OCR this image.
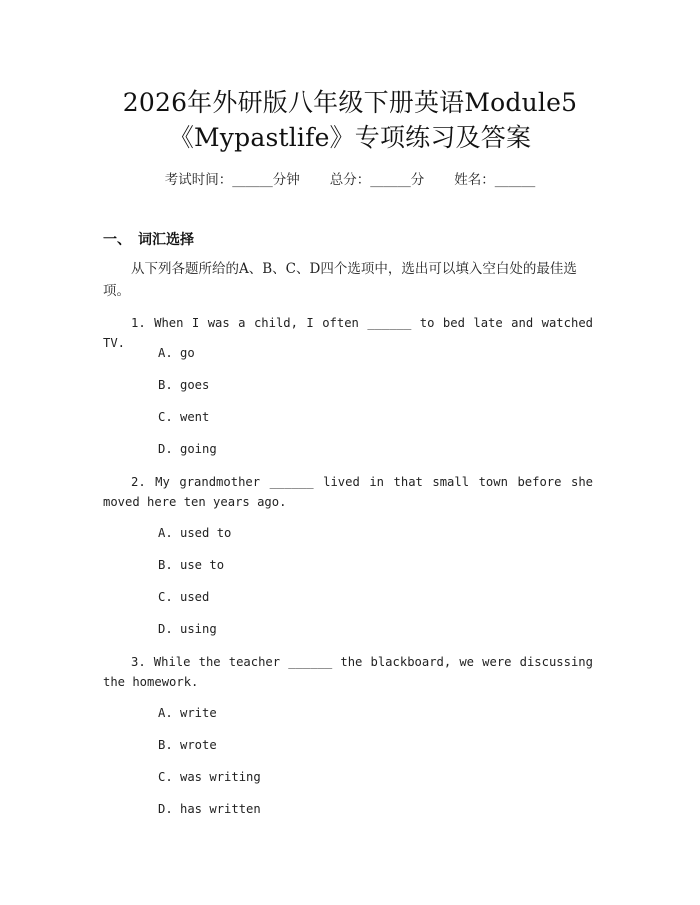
2026年外研版八年级下册英语Module5
《Mypastlife》专项练习及答案
考试时间：______分钟 总分：______分 姓名：______
一、 词汇选择
从下列各题所给的A、B、C、D四个选项中，选出可以填入空白处的最佳选项。
1. When I was a child, I often ______ to bed late and watched TV.
A. go
B. goes
C. went
D. going
2. My grandmother ______ lived in that small town before she moved here ten years ago.
A. used to
B. use to
C. used
D. using
3. While the teacher ______ the blackboard, we were discussing the homework.
A. write
B. wrote
C. was writing
D. has written
